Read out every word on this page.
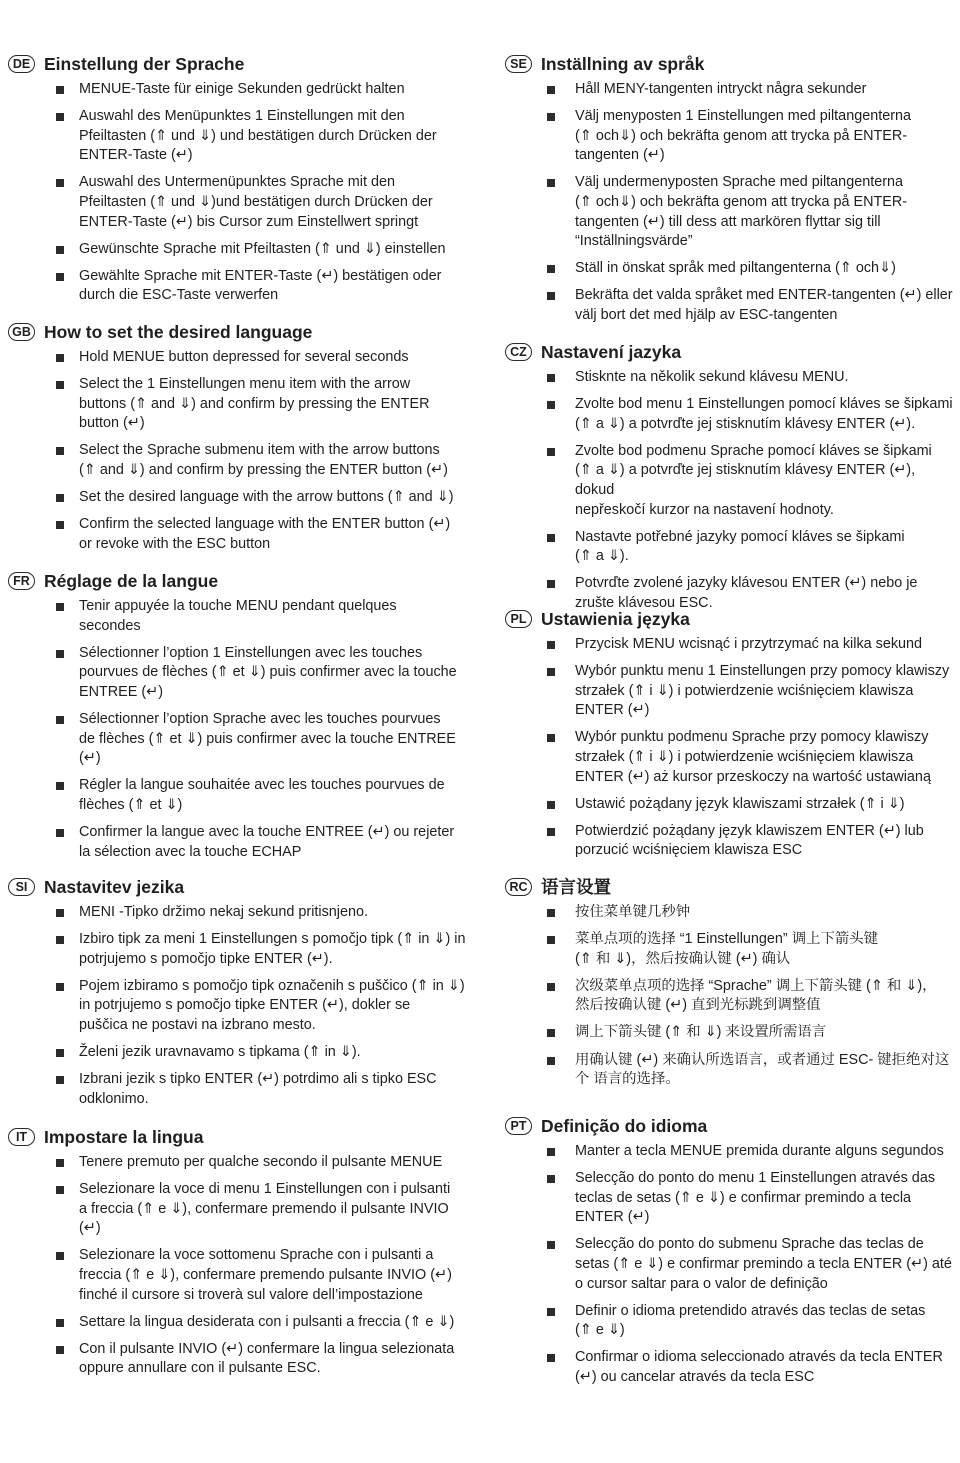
DE Einstellung der Sprache
MENUE-Taste für einige Sekunden gedrückt halten
Auswahl des Menüpunktes 1 Einstellungen mit den
Pfeiltasten (⇑ und ⇓) und bestätigen durch Drücken der
ENTER-Taste (↵)
Auswahl des Untermenüpunktes Sprache mit den
Pfeiltasten (⇑ und ⇓)und bestätigen durch Drücken der
ENTER-Taste (↵) bis Cursor zum Einstellwert springt
Gewünschte Sprache mit Pfeiltasten (⇑ und ⇓) einstellen
Gewählte Sprache mit ENTER-Taste (↵) bestätigen oder
durch die ESC-Taste verwerfen
GB How to set the desired language
Hold MENUE button depressed for several seconds
Select the 1 Einstellungen menu item with the arrow
buttons (⇑ and ⇓) and confirm by pressing the ENTER
button (↵)
Select the Sprache submenu item with the arrow buttons
(⇑ and ⇓) and confirm by pressing the ENTER button (↵)
Set the desired language with the arrow buttons (⇑ and ⇓)
Confirm the selected language with the ENTER button (↵)
or revoke with the ESC button
FR Réglage de la langue
Tenir appuyée la touche MENU pendant quelques
secondes
Sélectionner l’option 1 Einstellungen avec les touches
pourvues de flèches (⇑ et ⇓) puis confirmer avec la touche
ENTREE (↵)
Sélectionner l’option Sprache avec les touches pourvues
de flèches (⇑ et ⇓) puis confirmer avec la touche ENTREE
(↵)
Régler la langue souhaitée avec les touches pourvues de
flèches (⇑ et ⇓)
Confirmer la langue avec la touche ENTREE (↵) ou rejeter
la sélection avec la touche ECHAP
SI Nastavitev jezika
MENI -Tipko držimo nekaj sekund pritisnjeno.
Izbiro tipk za meni 1 Einstellungen s pomočjo tipk (⇑ in ⇓) in
potrjujemo s pomočjo tipke ENTER (↵).
Pojem izbiramo s pomočjo tipk označenih s puščico (⇑ in ⇓)
in potrjujemo s pomočjo tipke ENTER (↵), dokler se
puščica ne postavi na izbrano mesto.
Želeni jezik uravnavamo s tipkama (⇑ in ⇓).
Izbrani jezik s tipko ENTER (↵) potrdimo ali s tipko ESC
odklonimo.
IT Impostare la lingua
Tenere premuto per qualche secondo il pulsante MENUE
Selezionare la voce di menu 1 Einstellungen con i pulsanti
a freccia (⇑ e ⇓), confermare premendo il pulsante INVIO
(↵)
Selezionare la voce sottomenu Sprache con i pulsanti a
freccia (⇑ e ⇓), confermare premendo pulsante INVIO (↵)
finché il cursore si troverà sul valore dell’impostazione
Settare la lingua desiderata con i pulsanti a freccia (⇑ e ⇓)
Con il pulsante INVIO (↵) confermare la lingua selezionata
oppure annullare con il pulsante ESC.
SE Inställning av språk
Håll MENY-tangenten intryckt några sekunder
Välj menyposten 1 Einstellungen med piltangenterna
(⇑ och⇓) och bekräfta genom att trycka på ENTER-
tangenten (↵)
Välj undermenyposten Sprache med piltangenterna
(⇑ och⇓) och bekräfta genom att trycka på ENTER-
tangenten (↵) till dess att markören flyttar sig till
“Inställningsvärde”
Ställ in önskat språk med piltangenterna (⇑ och⇓)
Bekräfta det valda språket med ENTER-tangenten (↵) eller
välj bort det med hjälp av ESC-tangenten
CZ Nastavení jazyka
Stisknte na několik sekund klávesu MENU.
Zvolte bod menu 1 Einstellungen pomocí kláves se šipkami
(⇑ a ⇓) a potvrďte jej stisknutím klávesy ENTER (↵).
Zvolte bod podmenu Sprache pomocí kláves se šipkami
(⇑ a ⇓) a potvrďte jej stisknutím klávesy ENTER (↵), dokud
nepřeskočí kurzor na nastavení hodnoty.
Nastavte potřebné jazyky pomocí kláves se šipkami
(⇑ a ⇓).
Potvrďte zvolené jazyky klávesou ENTER (↵) nebo je
zrušte klávesou ESC.
PL Ustawienia języka
Przycisk MENU wcisnąć i przytrzymać na kilka sekund
Wybór punktu menu 1 Einstellungen przy pomocy klawiszy
strzałek (⇑ i ⇓) i potwierdzenie wciśnięciem klawisza
ENTER (↵)
Wybór punktu podmenu Sprache przy pomocy klawiszy
strzałek (⇑ i ⇓) i potwierdzenie wciśnięciem klawisza
ENTER (↵) aż kursor przeskoczy na wartość ustawianą
Ustawić pożądany język klawiszami strzałek (⇑ i ⇓)
Potwierdzić pożądany język klawiszem ENTER (↵) lub
porzucić wciśnięciem klawisza ESC
RC 语言设置
按住菜单键几秒钟
菜单点项的选择 “1 Einstellungen” 调上下箭头键
(⇑ 和 ⇓)，然后按确认键 (↵) 确认
次级菜单点项的选择 “Sprache” 调上下箭头键 (⇑ 和 ⇓)，
然后按确认键 (↵) 直到光标跳到调整值
调上下箭头键 (⇑ 和 ⇓) 来设置所需语言
用确认键 (↵) 来确认所选语言，或者通过 ESC- 键拒绝对这
个 语言的选择。
PT Definição do idioma
Manter a tecla MENUE premida durante alguns segundos
Selecção do ponto do menu 1 Einstellungen através das
teclas de setas (⇑ e ⇓) e confirmar premindo a tecla
ENTER (↵)
Selecção do ponto do submenu Sprache das teclas de
setas (⇑ e ⇓) e confirmar premindo a tecla ENTER (↵) até
o cursor saltar para o valor de definição
Definir o idioma pretendido através das teclas de setas
(⇑ e ⇓)
Confirmar o idioma seleccionado através da tecla ENTER
(↵) ou cancelar através da tecla ESC
